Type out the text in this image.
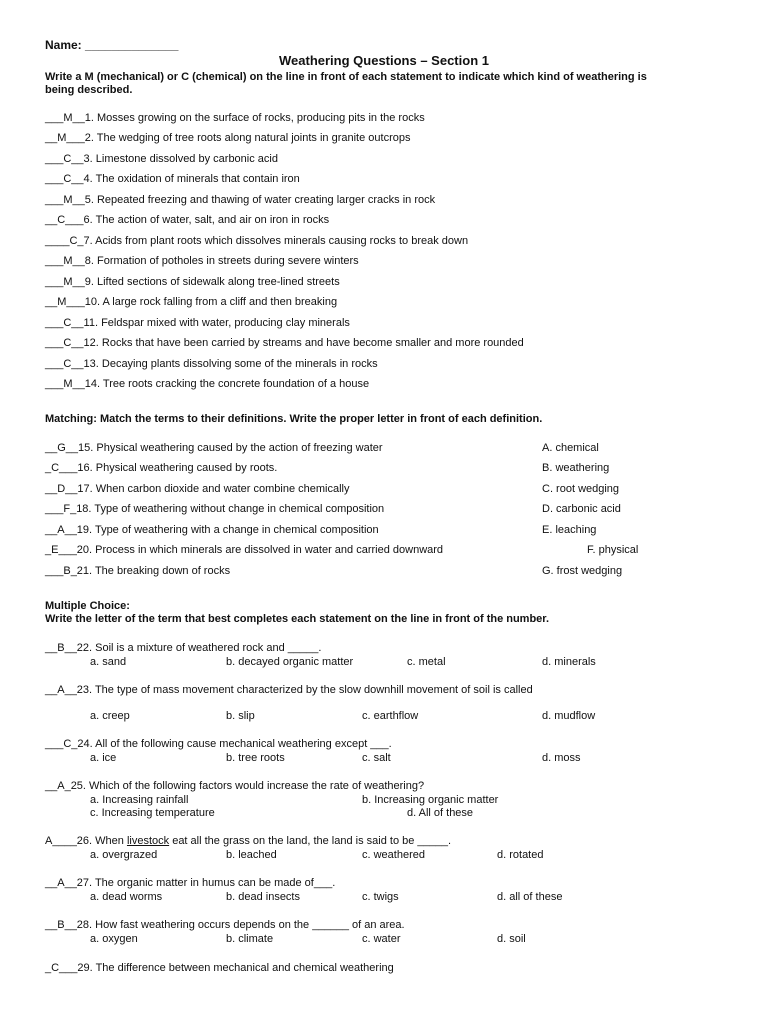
Name: ______________
Weathering Questions – Section 1
Write a M (mechanical) or C (chemical) on the line in front of each statement to indicate which kind of weathering is
being described.
___M__1. Mosses growing on the surface of rocks, producing pits in the rocks
__M___2. The wedging of tree roots along natural joints in granite outcrops
___C__3. Limestone dissolved by carbonic acid
___C__4. The oxidation of minerals that contain iron
___M__5. Repeated freezing and thawing of water creating larger cracks in rock
__C___6. The action of water, salt, and air on iron in rocks
____C_7. Acids from plant roots which dissolves minerals causing rocks to break down
___M__8. Formation of potholes in streets during severe winters
___M__9. Lifted sections of sidewalk along tree-lined streets
__M___10. A large rock falling from a cliff and then breaking
___C__11. Feldspar mixed with water, producing clay minerals
___C__12. Rocks that have been carried by streams and have become smaller and more rounded
___C__13. Decaying plants dissolving some of the minerals in rocks
___M__14. Tree roots cracking the concrete foundation of a house
Matching: Match the terms to their definitions. Write the proper letter in front of each definition.
__G__15. Physical weathering caused by the action of freezing water	A. chemical
_C___16. Physical weathering caused by roots.	B. weathering
__D__17. When carbon dioxide and water combine chemically	C. root wedging
___F_18. Type of weathering without change in chemical composition	D. carbonic acid
__A__19. Type of weathering with a change in chemical composition	E. leaching
_E___20. Process in which minerals are dissolved in water and carried downward	F. physical
___B_21. The breaking down of rocks	G. frost wedging
Multiple Choice:
Write the letter of the term that best completes each statement on the line in front of the number.
__B__22. Soil is a mixture of weathered rock and _____.
a. sand	b. decayed organic matter	c. metal	d. minerals
__A__23. The type of mass movement characterized by the slow downhill movement of soil is called
a. creep	b. slip	c. earthflow	d. mudflow
___C_24. All of the following cause mechanical weathering except ___.
a. ice	b. tree roots	c. salt	d. moss
__A_25. Which of the following factors would increase the rate of weathering?
a. Increasing rainfall	b. Increasing organic matter
c. Increasing temperature	d. All of these
A____26. When livestock eat all the grass on the land, the land is said to be _____.
a. overgrazed	b. leached	c. weathered	d. rotated
__A__27. The organic matter in humus can be made of___.
a. dead worms	b. dead insects	c. twigs	d. all of these
__B__28. How fast weathering occurs depends on the ______ of an area.
a. oxygen	b. climate	c. water	d. soil
_C___29. The difference between mechanical and chemical weathering
